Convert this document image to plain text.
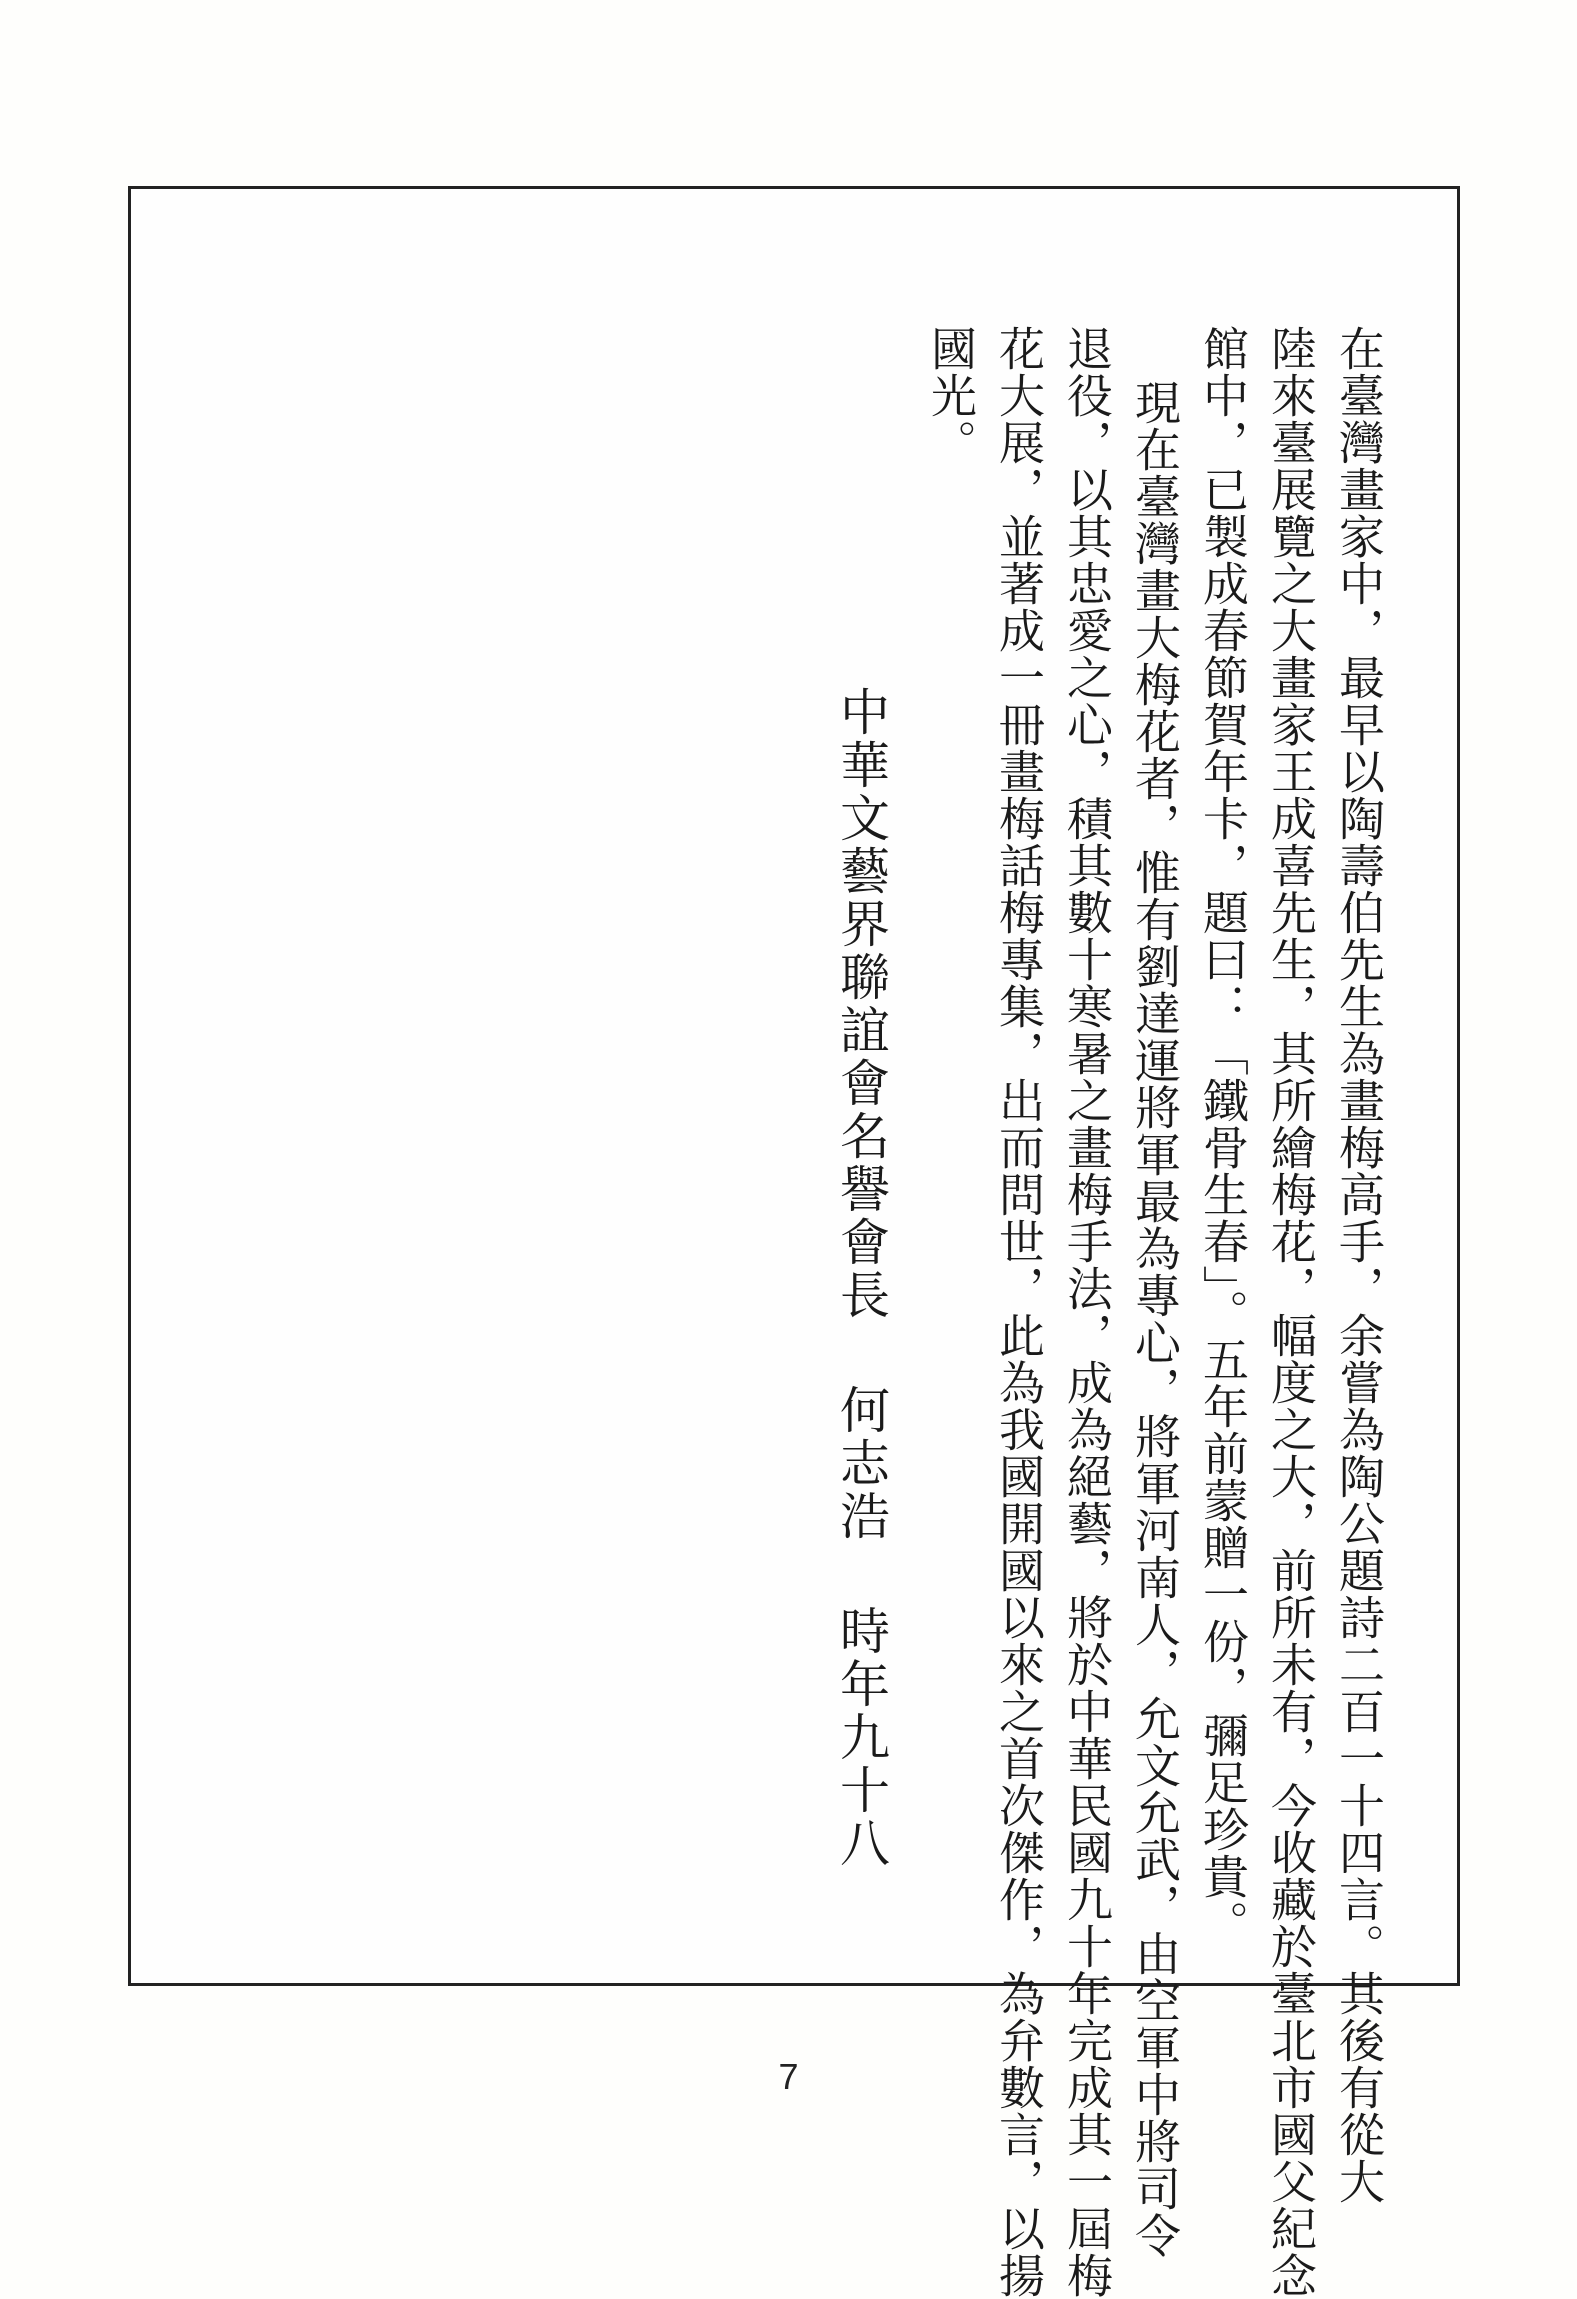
在臺灣畫家中，最早以陶壽伯先生為畫梅高手，余嘗為陶公題詩二百一十四言。其後有從大
陸來臺展覽之大畫家王成喜先生，其所繪梅花，幅度之大，前所未有，今收藏於臺北市國父紀念
館中，已製成春節賀年卡，題曰：「鐵骨生春」。五年前蒙贈一份，彌足珍貴。
現在臺灣畫大梅花者，惟有劉達運將軍最為專心，將軍河南人，允文允武，由空軍中將司令
退役，以其忠愛之心，積其數十寒暑之畫梅手法，成為絕藝，將於中華民國九十年完成其一屆梅
花大展，並著成一冊畫梅話梅專集，出而問世，此為我國開國以來之首次傑作，為弁數言，以揚
國光。
中華文藝界聯誼會名譽會長何志浩時年九十八
7
